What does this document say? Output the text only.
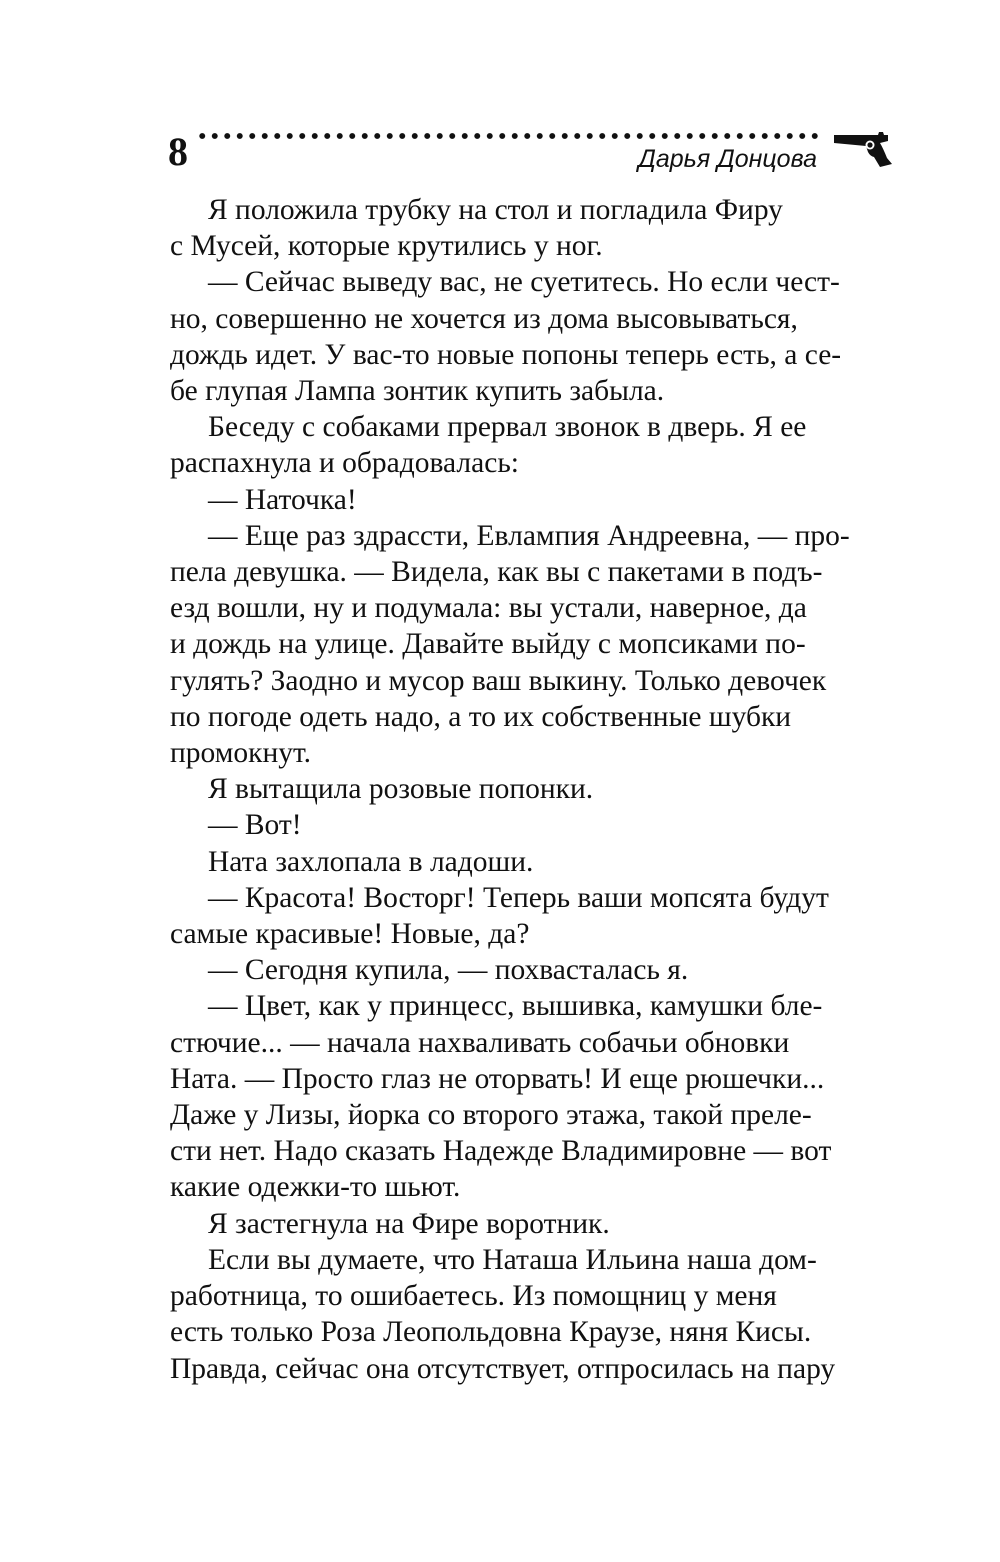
8	Дарья Донцова

Я положила трубку на стол и погладила Фиру
с Мусей, которые крутились у ног.

— Сейчас выведу вас, не суетитесь. Но если чест-
но, совершенно не хочется из дома высовываться,
дождь идет. У вас-то новые попоны теперь есть, а се-
бе глупая Лампа зонтик купить забыла.

Беседу с собаками прервал звонок в дверь. Я ее
распахнула и обрадовалась:

— Наточка!

— Еще раз здрассти, Евлампия Андреевна, — про-
пела девушка. — Видела, как вы с пакетами в подъ-
езд вошли, ну и подумала: вы устали, наверное, да
и дождь на улице. Давайте выйду с мопсиками по-
гулять? Заодно и мусор ваш выкину. Только девочек
по погоде одеть надо, а то их собственные шубки
промокнут.

Я вытащила розовые попонки.

— Вот!

Ната захлопала в ладоши.

— Красота! Восторг! Теперь ваши мопсята будут
самые красивые! Новые, да?

— Сегодня купила, — похвасталась я.

— Цвет, как у принцесс, вышивка, камушки бле-
стючие... — начала нахваливать собачьи обновки
Ната. — Просто глаз не оторвать! И еще рюшечки...
Даже у Лизы, йорка со второго этажа, такой преле-
сти нет. Надо сказать Надежде Владимировне — вот
какие одежки-то шьют.

Я застегнула на Фире воротник.

Если вы думаете, что Наташа Ильина наша дом-
работница, то ошибаетесь. Из помощниц у меня
есть только Роза Леопольдовна Краузе, няня Кисы.
Правда, сейчас она отсутствует, отпросилась на пару
